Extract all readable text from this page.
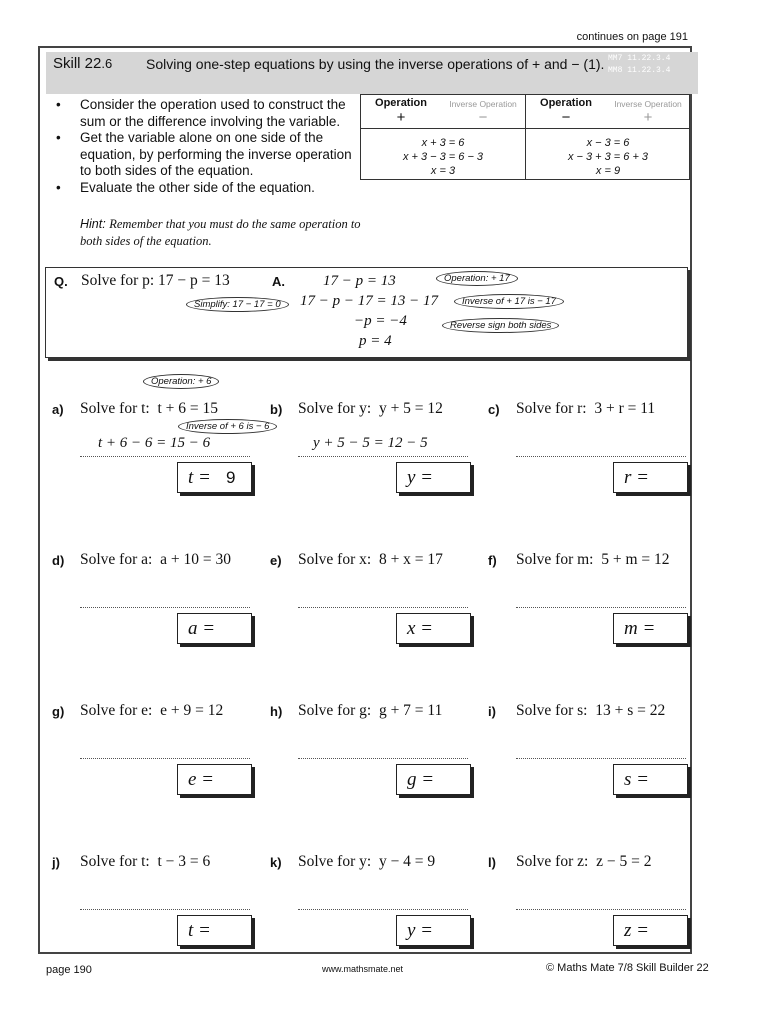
continues on page 191
Skill 22.6 Solving one-step equations by using the inverse operations of + and − (1). MM7 11.22.3.4
MM8 11.22.3.4
• Consider the operation used to construct the sum or the difference involving the variable.
• Get the variable alone on one side of the equation, by performing the inverse operation to both sides of the equation.
• Evaluate the other side of the equation.
Hint: Remember that you must do the same operation to both sides of the equation.
Operation	Inverse Operation	Operation	Inverse Operation
+	−	−	+
x + 3 = 6
x + 3 − 3 = 6 − 3
x = 3
x − 3 = 6
x − 3 + 3 = 6 + 3
x = 9
Q. Solve for p: 17 − p = 13	A.	17 − p = 13
17 − p − 17 = 13 − 17
−p = −4
p = 4
Operation: + 17
Inverse of + 17 is − 17
Simplify: 17 − 17 = 0
Reverse sign both sides
a) Solve for t: t + 6 = 15
t = 9
b) Solve for y: y + 5 = 12
y =
c) Solve for r: 3 + r = 11
r =
d) Solve for a: a + 10 = 30
a =
e) Solve for x: 8 + x = 17
x =
f) Solve for m: 5 + m = 12
m =
g) Solve for e: e + 9 = 12
e =
h) Solve for g: g + 7 = 11
g =
i) Solve for s: 13 + s = 22
s =
j) Solve for t: t − 3 = 6
t =
k) Solve for y: y − 4 = 9
y =
l) Solve for z: z − 5 = 2
z =
Operation: + 6
Inverse of + 6 is − 6
t + 6 − 6 = 15 − 6	y + 5 − 5 = 12 − 5
page 190	www.mathsmate.net	© Maths Mate 7/8 Skill Builder 22
